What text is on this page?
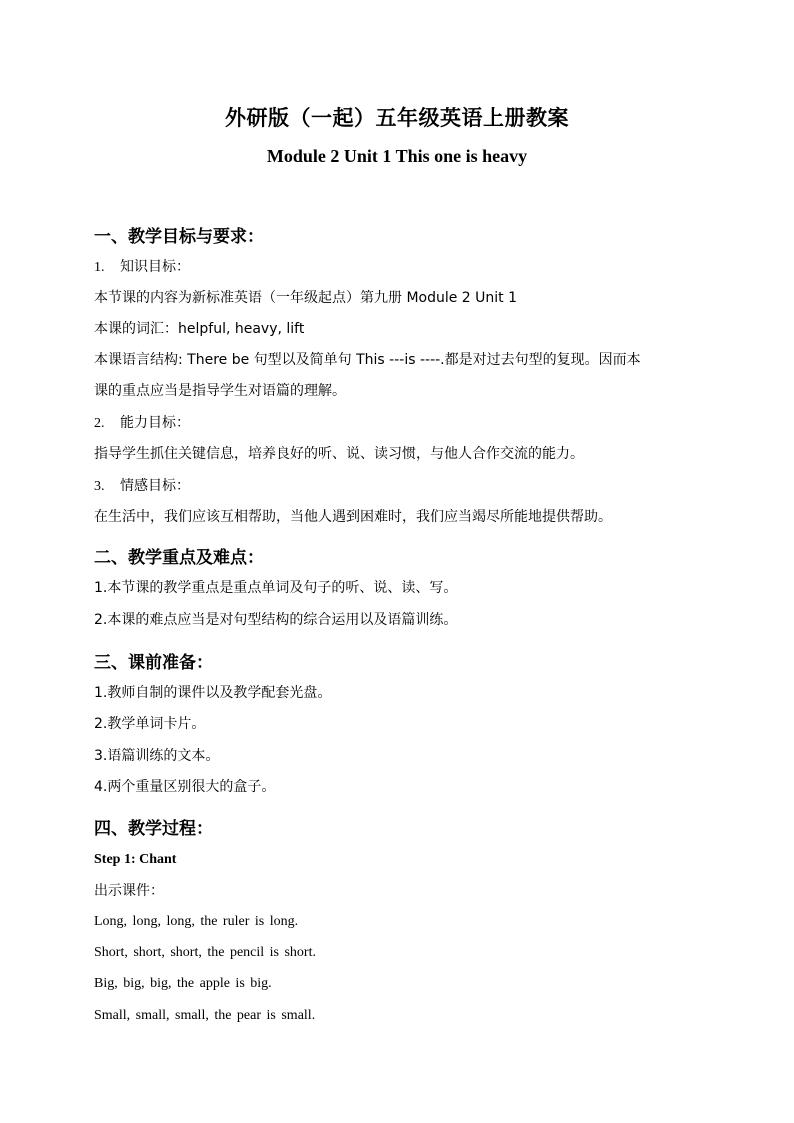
外研版（一起）五年级英语上册教案
Module 2 Unit 1 This one is heavy
一、教学目标与要求：
1. 知识目标：
本节课的内容为新标准英语（一年级起点）第九册 Module 2 Unit 1
本课的词汇：helpful, heavy, lift
本课语言结构: There be 句型以及简单句 This ---is ----.都是对过去句型的复现。因而本
课的重点应当是指导学生对语篇的理解。
2. 能力目标：
指导学生抓住关键信息，培养良好的听、说、读习惯，与他人合作交流的能力。
3. 情感目标：
在生活中，我们应该互相帮助，当他人遇到困难时，我们应当竭尽所能地提供帮助。
二、教学重点及难点：
1.本节课的教学重点是重点单词及句子的听、说、读、写。
2.本课的难点应当是对句型结构的综合运用以及语篇训练。
三、课前准备：
1.教师自制的课件以及教学配套光盘。
2.教学单词卡片。
3.语篇训练的文本。
4.两个重量区别很大的盒子。
四、教学过程：
Step 1: Chant
出示课件：
Long, long, long, the ruler is long.
Short, short, short, the pencil is short.
Big, big, big, the apple is big.
Small, small, small, the pear is small.
